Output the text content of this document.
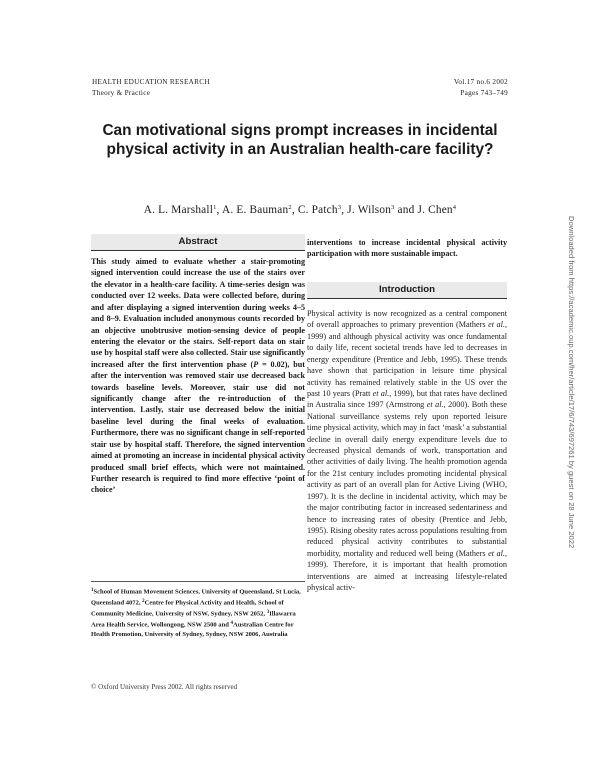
HEALTH EDUCATION RESEARCH
Theory & Practice
Vol.17 no.6 2002
Pages 743–749
Can motivational signs prompt increases in incidental
physical activity in an Australian health-care facility?
A. L. Marshall$^1$, A. E. Bauman$^2$, C. Patch$^3$, J. Wilson$^3$ and J. Chen$^4$
Abstract
This study aimed to evaluate whether a stair-promoting signed intervention could increase the use of the stairs over the elevator in a health-care facility. A time-series design was conducted over 12 weeks. Data were collected before, during and after displaying a signed intervention during weeks 4–5 and 8–9. Evaluation included anonymous counts recorded by an objective unobtrusive motion-sensing device of people entering the elevator or the stairs. Self-report data on stair use by hospital staff were also collected. Stair use significantly increased after the first intervention phase (P = 0.02), but after the intervention was removed stair use decreased back towards baseline levels. Moreover, stair use did not significantly change after the re-introduction of the intervention. Lastly, stair use decreased below the initial baseline level during the final weeks of evaluation. Furthermore, there was no significant change in self-reported stair use by hospital staff. Therefore, the signed intervention aimed at promoting an increase in incidental physical activity produced small brief effects, which were not maintained. Further research is required to find more effective ‘point of choice’
interventions to increase incidental physical activity participation with more sustainable impact.
Introduction
Physical activity is now recognized as a central component of overall approaches to primary prevention (Mathers et al., 1999) and although physical activity was once fundamental to daily life, recent societal trends have led to decreases in energy expenditure (Prentice and Jebb, 1995). These trends have shown that participation in leisure time physical activity has remained relatively stable in the US over the past 10 years (Pratt et al., 1999), but that rates have declined in Australia since 1997 (Armstrong et al., 2000). Both these National surveillance systems rely upon reported leisure time physical activity, which may in fact ‘mask’ a substantial decline in overall daily energy expenditure levels due to decreased physical demands of work, transportation and other activities of daily living. The health promotion agenda for the 21st century includes promoting incidental physical activity as part of an overall plan for Active Living (WHO, 1997). It is the decline in incidental activity, which may be the major contributing factor in increased sedentariness and hence to increasing rates of obesity (Prentice and Jebb, 1995). Rising obesity rates across populations resulting from reduced physical activity contributes to substantial morbidity, mortality and reduced well being (Mathers et al., 1999). Therefore, it is important that health promotion interventions are aimed at increasing lifestyle-related physical activ-
$^1$School of Human Movement Sciences, University of Queensland, St Lucia, Queensland 4072, $^2$Centre for Physical Activity and Health, School of Community Medicine, University of NSW, Sydney, NSW 2052, $^3$Illawarra Area Health Service, Wollongong, NSW 2500 and $^4$Australian Centre for Health Promotion, University of Sydney, Sydney, NSW 2006, Australia
© Oxford University Press 2002. All rights reserved
Downloaded from https://academic.oup.com/her/article/17/6/743/697261 by guest on 28 June 2022
